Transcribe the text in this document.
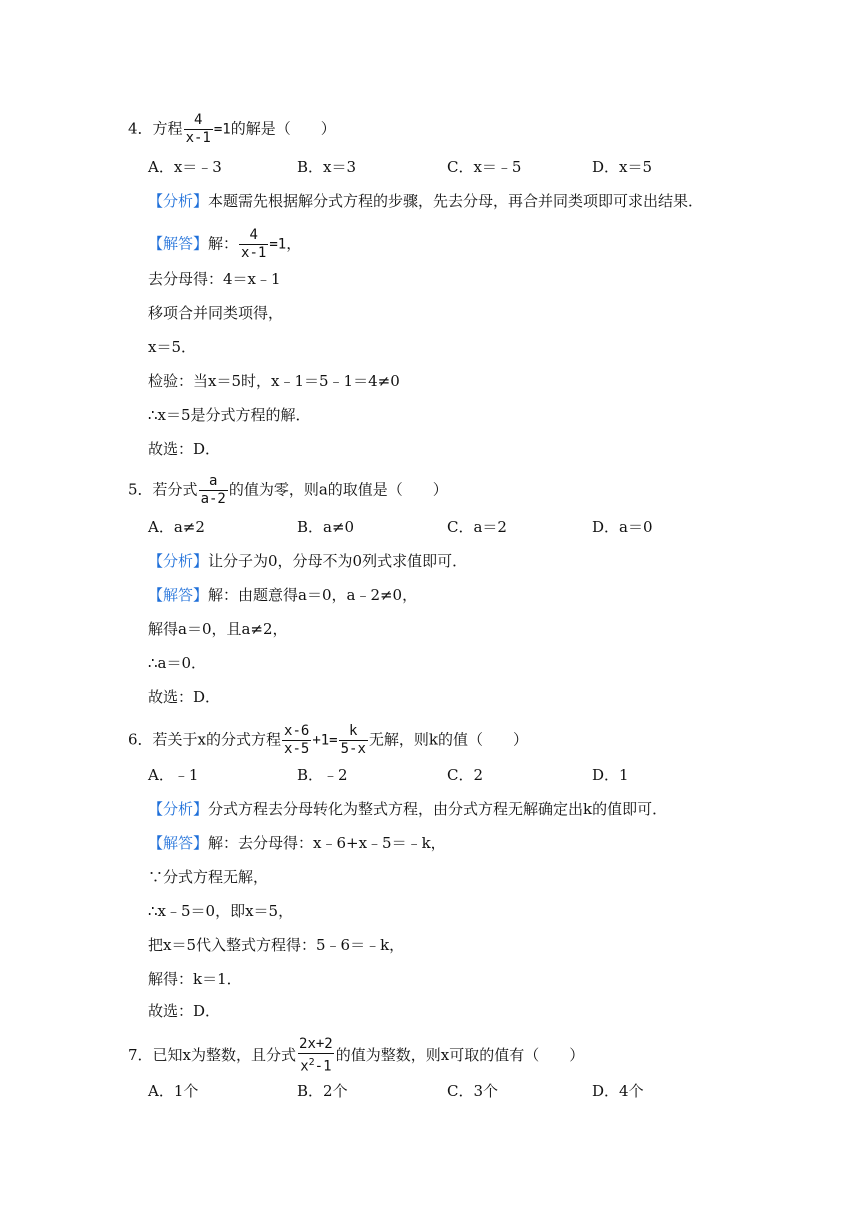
4．方程 $\frac{4}{x-1} =1$的解是（　　）
A．x＝﹣3	B．x＝3	C．x＝﹣5	D．x＝5
【分析】本题需先根据解分式方程的步骤，先去分母，再合并同类项即可求出结果．
【解答】解： $\frac{4}{x-1} =1$，
去分母得：4＝x﹣1
移项合并同类项得，
x＝5．
检验：当x＝5时，x﹣1＝5﹣1＝4≠0
∴x＝5是分式方程的解．
故选：D．
5．若分式 $\frac{a}{a-2}$ 的值为零，则a的取值是（　　）
A．a≠2	B．a≠0	C．a＝2	D．a＝0
【分析】让分子为0，分母不为0列式求值即可．
【解答】解：由题意得a＝0，a﹣2≠0，
解得a＝0，且a≠2，
∴a＝0．
故选：D．
6．若关于x的分式方程 $\frac{x-6}{x-5} +1= \frac{k}{5-x}$ 无解，则k的值（　　）
A．﹣1	B．﹣2	C．2	D．1
【分析】分式方程去分母转化为整式方程，由分式方程无解确定出k的值即可．
【解答】解：去分母得：x﹣6+x﹣5＝﹣k，
∵分式方程无解，
∴x﹣5＝0，即x＝5，
把x＝5代入整式方程得：5﹣6＝﹣k，
解得：k＝1．
故选：D．
7．已知x为整数，且分式 $\frac{2x+2}{x^2-1}$ 的值为整数，则x可取的值有（　　）
A．1个	B．2个	C．3个	D．4个
